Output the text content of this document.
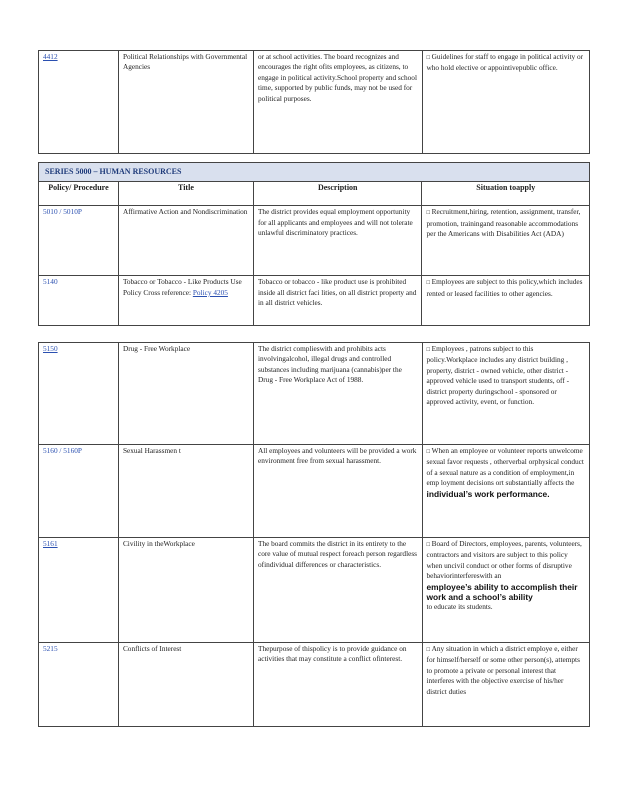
4412	Political Relationships with Governmental Agencies	or at school activities. The board recognizes and encourages the right ofits employees, as citizens, to engage in political activity.School property and school time, supported by public funds, may not be used for political purposes.	□ Guidelines for staff to engage in political activity or who hold elective or appointivepublic office.
SERIES 5000 – HUMAN RESOURCES			
Policy/ Procedure	Title	Description	Situation toapply
5010 / 5010P	Affirmative Action and Nondiscrimination	The district provides equal employment opportunity for all applicants and employees and will not tolerate unlawful discriminatory practices.	□ Recruitment,hiring, retention, assignment, transfer, promotion, trainingand reasonable accommodations per the Americans with Disabilities Act (ADA)
5140	Tobacco or Tobacco - Like Products Use Policy Cross reference: Policy 4205	Tobacco or tobacco - like product use is prohibited inside all district faci lities, on all district property and in all district vehicles.	□ Employees are subject to this policy,which includes rented or leased facilities to other agencies.
5150	Drug - Free Workplace	The district complieswith and prohibits acts involvingalcohol, illegal drugs and controlled substances including marijuana (cannabis)per the Drug - Free Workplace Act of 1988.	□ Employees , patrons subject to this policy.Workplace includes any district building , property, district - owned vehicle, other district - approved vehicle used to transport students, off -district property duringschool - sponsored or approved activity, event, or function.
5160 / 5160P	Sexual Harassmen t	All employees and volunteers will be provided a work environment free from sexual harassment.	□ When an employee or volunteer reports unwelcome sexual favor requests , otherverbal orphysical conduct of a sexual nature as a condition of employment,in emp loyment decisions ort substantially affects the
individual’s work performance.

5161	Civility in theWorkplace	The board commits the district in its entirety to the core value of mutual respect foreach person regardless ofindividual differences or characteristics.	□ Board of Directors, employees, parents, volunteers, contractors and visitors are subject to this policy when uncivil conduct or other forms of disruptive behaviorinterfereswith an
employee’s ability to accomplish their work and a school’s ability
to educate its students.

5215	Conflicts of Interest	Thepurpose of thispolicy is to provide guidance on activities that may constitute a conflict ofinterest.	□ Any situation in which a district employe e, either for himself/herself or some other person(s), attempts to promote a private or personal interest that interferes with the objective exercise of his/her district duties
